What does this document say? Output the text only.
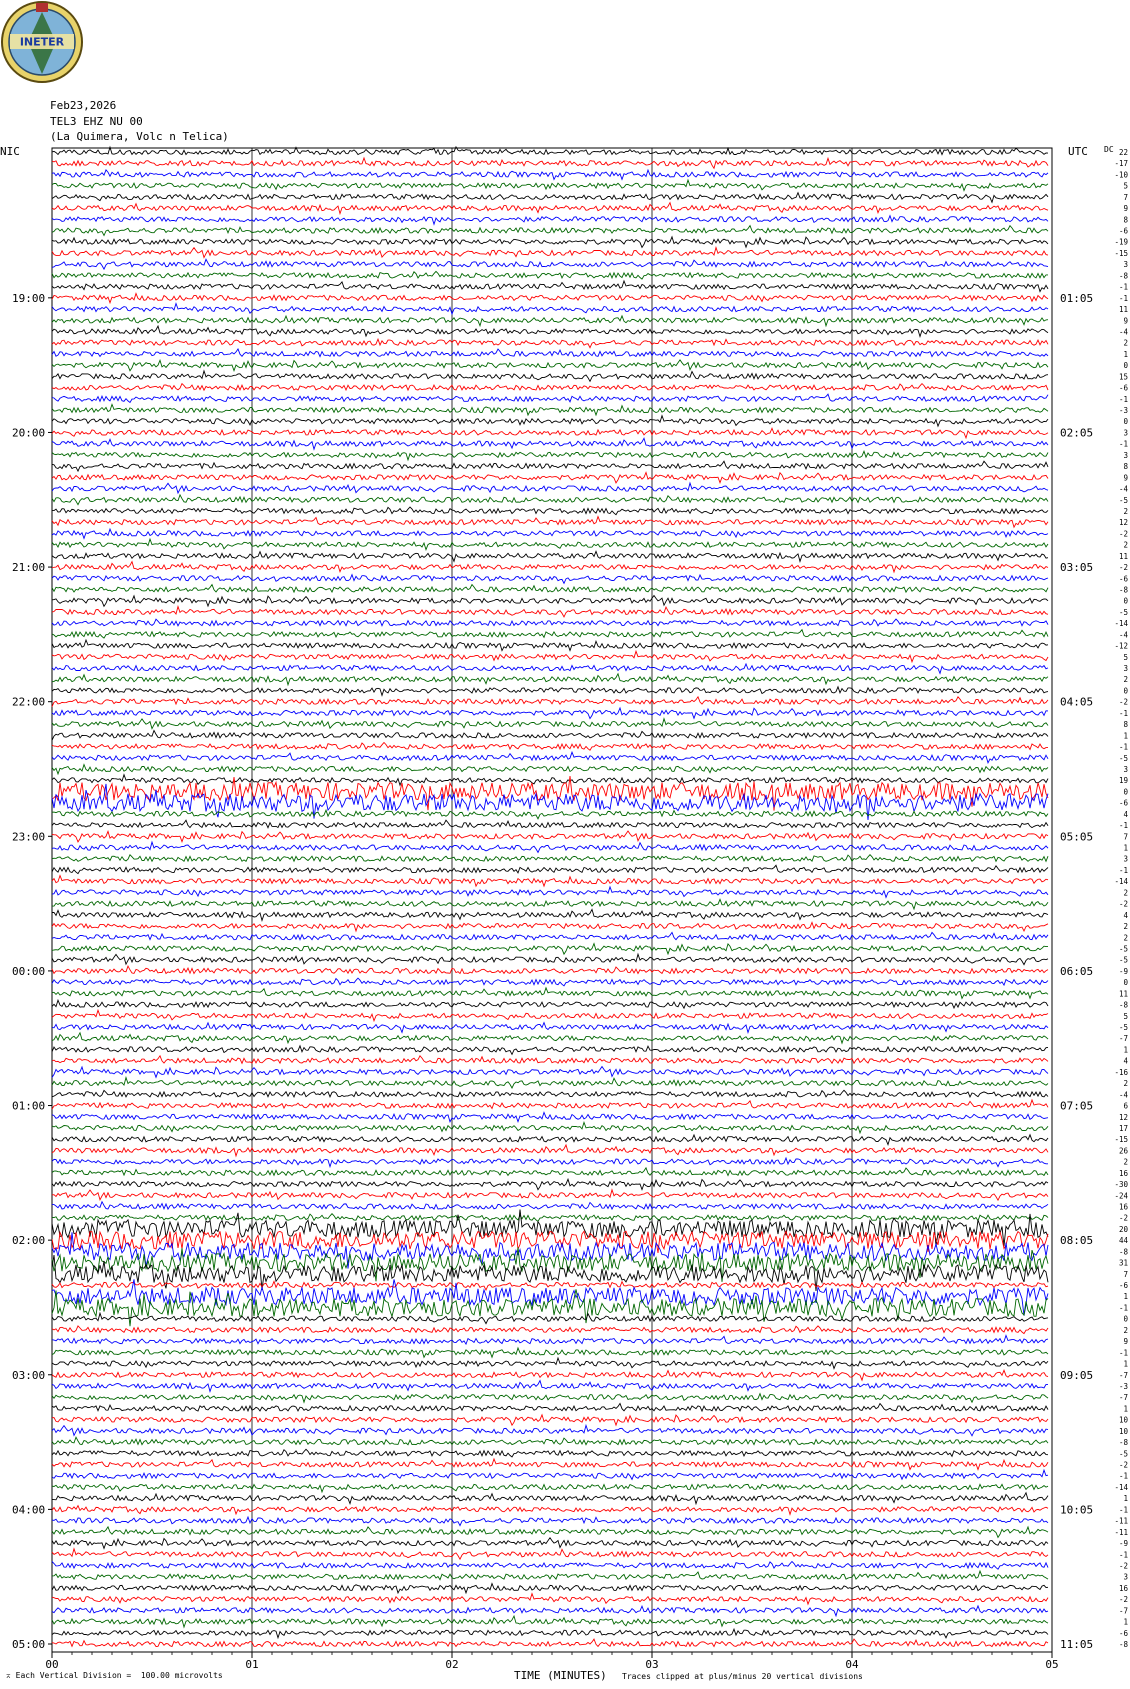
INETER
Feb23,2026
TEL3 EHZ NU 00
(La Quimera, Volc n Telica)
NIC	UTC DC 22
-17
-10
5
7
9
8
-6
-19
-15
3
-8
-1
-1
11
9
-4
2
1
0
15
-6
-1
-3
0
3
-1
3
8
9
-4
-5
2
12
-2
2
11
-2
-6
-8
0
-5
-14
-4
-12
5
3
2
0
-2
-1
8
1
-1
-5
3
19
0
-6
4
-1
7
1
3
-1
-14
2
-2
4
2
2
-5
-5
-9
0
11
-8
5
-5
-7
1
4
-16
2
-4
6
12
17
-15
26
2
16
-30
-24
16
-2
20
44
-8
31
7
-6
1
-1
0
2
9
-1
1
-7
-3
-7
1
10
10
-8
-5
-2
-1
-14
1
-1
-11
-11
-9
-1
-2
3
16
-2
-7
1
-6
-8
19:00
20:00
21:00
22:00
23:00
00:00
01:00
02:00
03:00
04:00
05:00
01:05
02:05
03:05
04:05
05:05
06:05
07:05
08:05
09:05
10:05
11:05
00	01	02	03	04	05
⌅ Each Vertical Division =  100.00 microvolts	TIME (MINUTES) Traces clipped at plus/minus 20 vertical divisions
